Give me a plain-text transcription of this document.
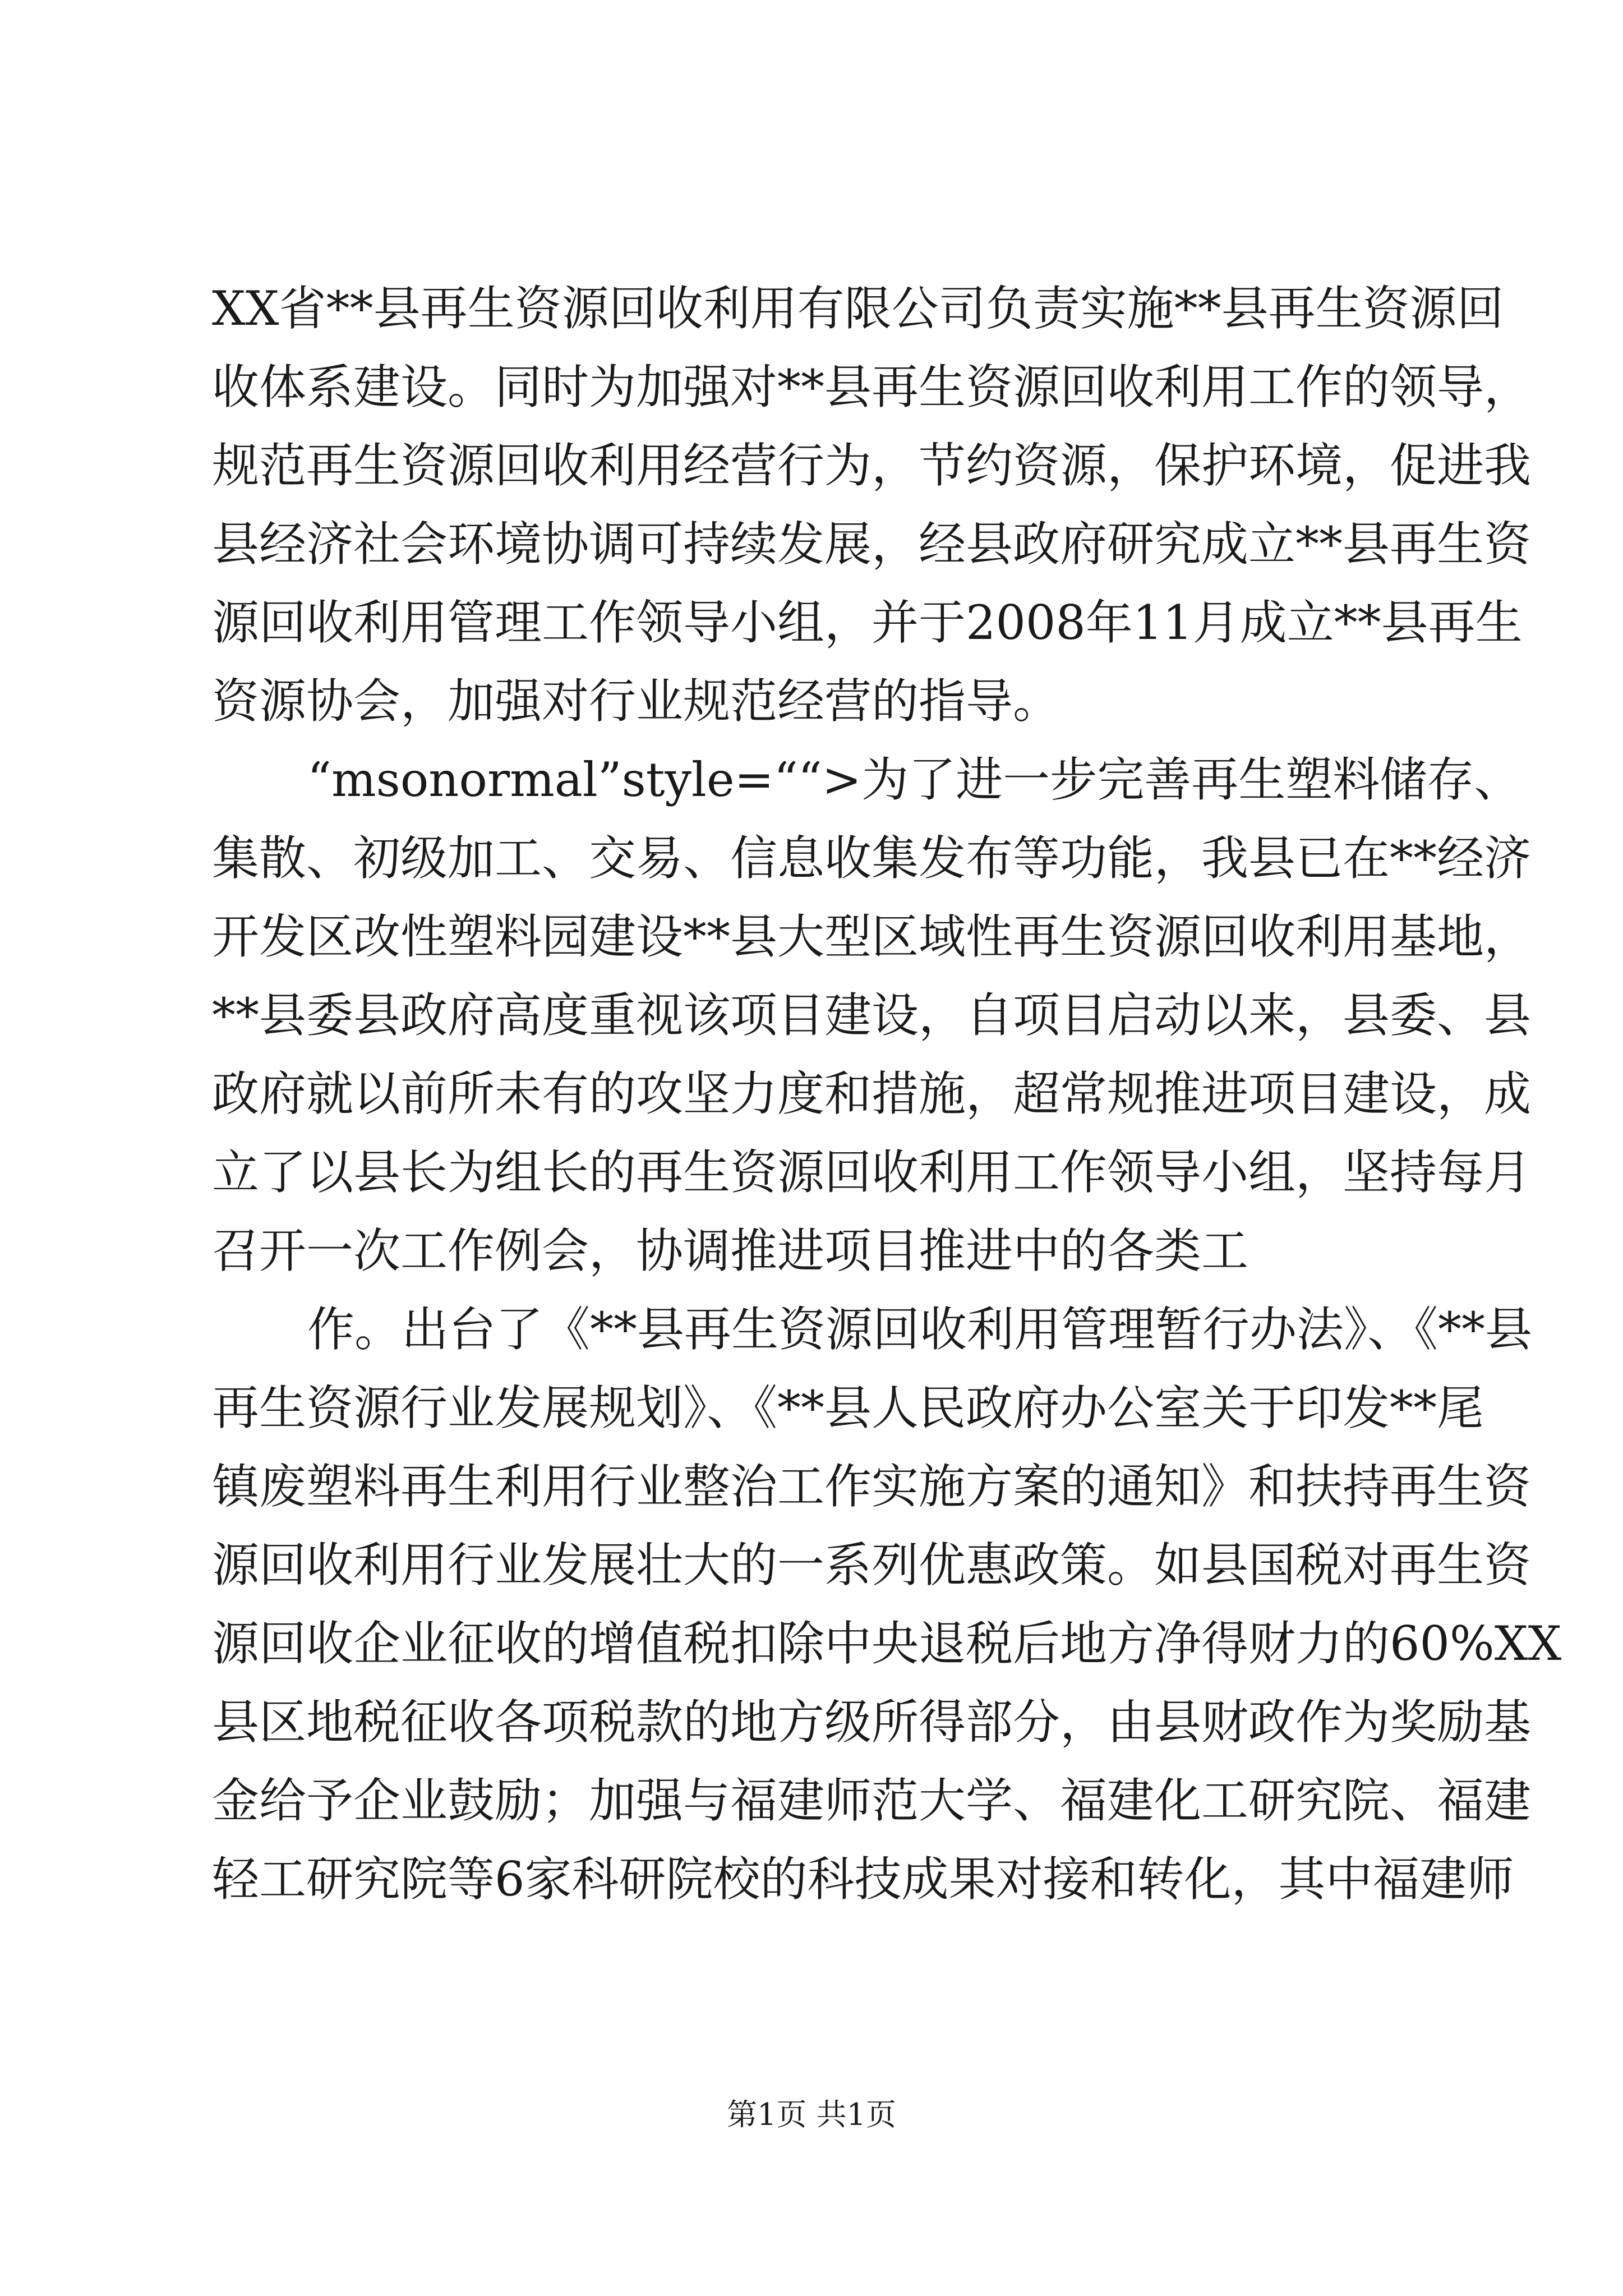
XX省**县再生资源回收利用有限公司负责实施**县再生资源回
收体系建设。同时为加强对**县再生资源回收利用工作的领导，
规范再生资源回收利用经营行为，节约资源，保护环境，促进我
县经济社会环境协调可持续发展，经县政府研究成立**县再生资
源回收利用管理工作领导小组，并于2008年11月成立**县再生
资源协会，加强对行业规范经营的指导。
“msonormal”style=““>为了进一步完善再生塑料储存、
集散、初级加工、交易、信息收集发布等功能，我县已在**经济
开发区改性塑料园建设**县大型区域性再生资源回收利用基地，
**县委县政府高度重视该项目建设，自项目启动以来，县委、县
政府就以前所未有的攻坚力度和措施，超常规推进项目建设，成
立了以县长为组长的再生资源回收利用工作领导小组，坚持每月
召开一次工作例会，协调推进项目推进中的各类工
作。出台了《**县再生资源回收利用管理暂行办法》、《**县
再生资源行业发展规划》、《**县人民政府办公室关于印发**尾
镇废塑料再生利用行业整治工作实施方案的通知》和扶持再生资
源回收利用行业发展壮大的一系列优惠政策。如县国税对再生资
源回收企业征收的增值税扣除中央退税后地方净得财力的60%XX
县区地税征收各项税款的地方级所得部分，由县财政作为奖励基
金给予企业鼓励；加强与福建师范大学、福建化工研究院、福建
轻工研究院等6家科研院校的科技成果对接和转化，其中福建师
第1页 共1页
